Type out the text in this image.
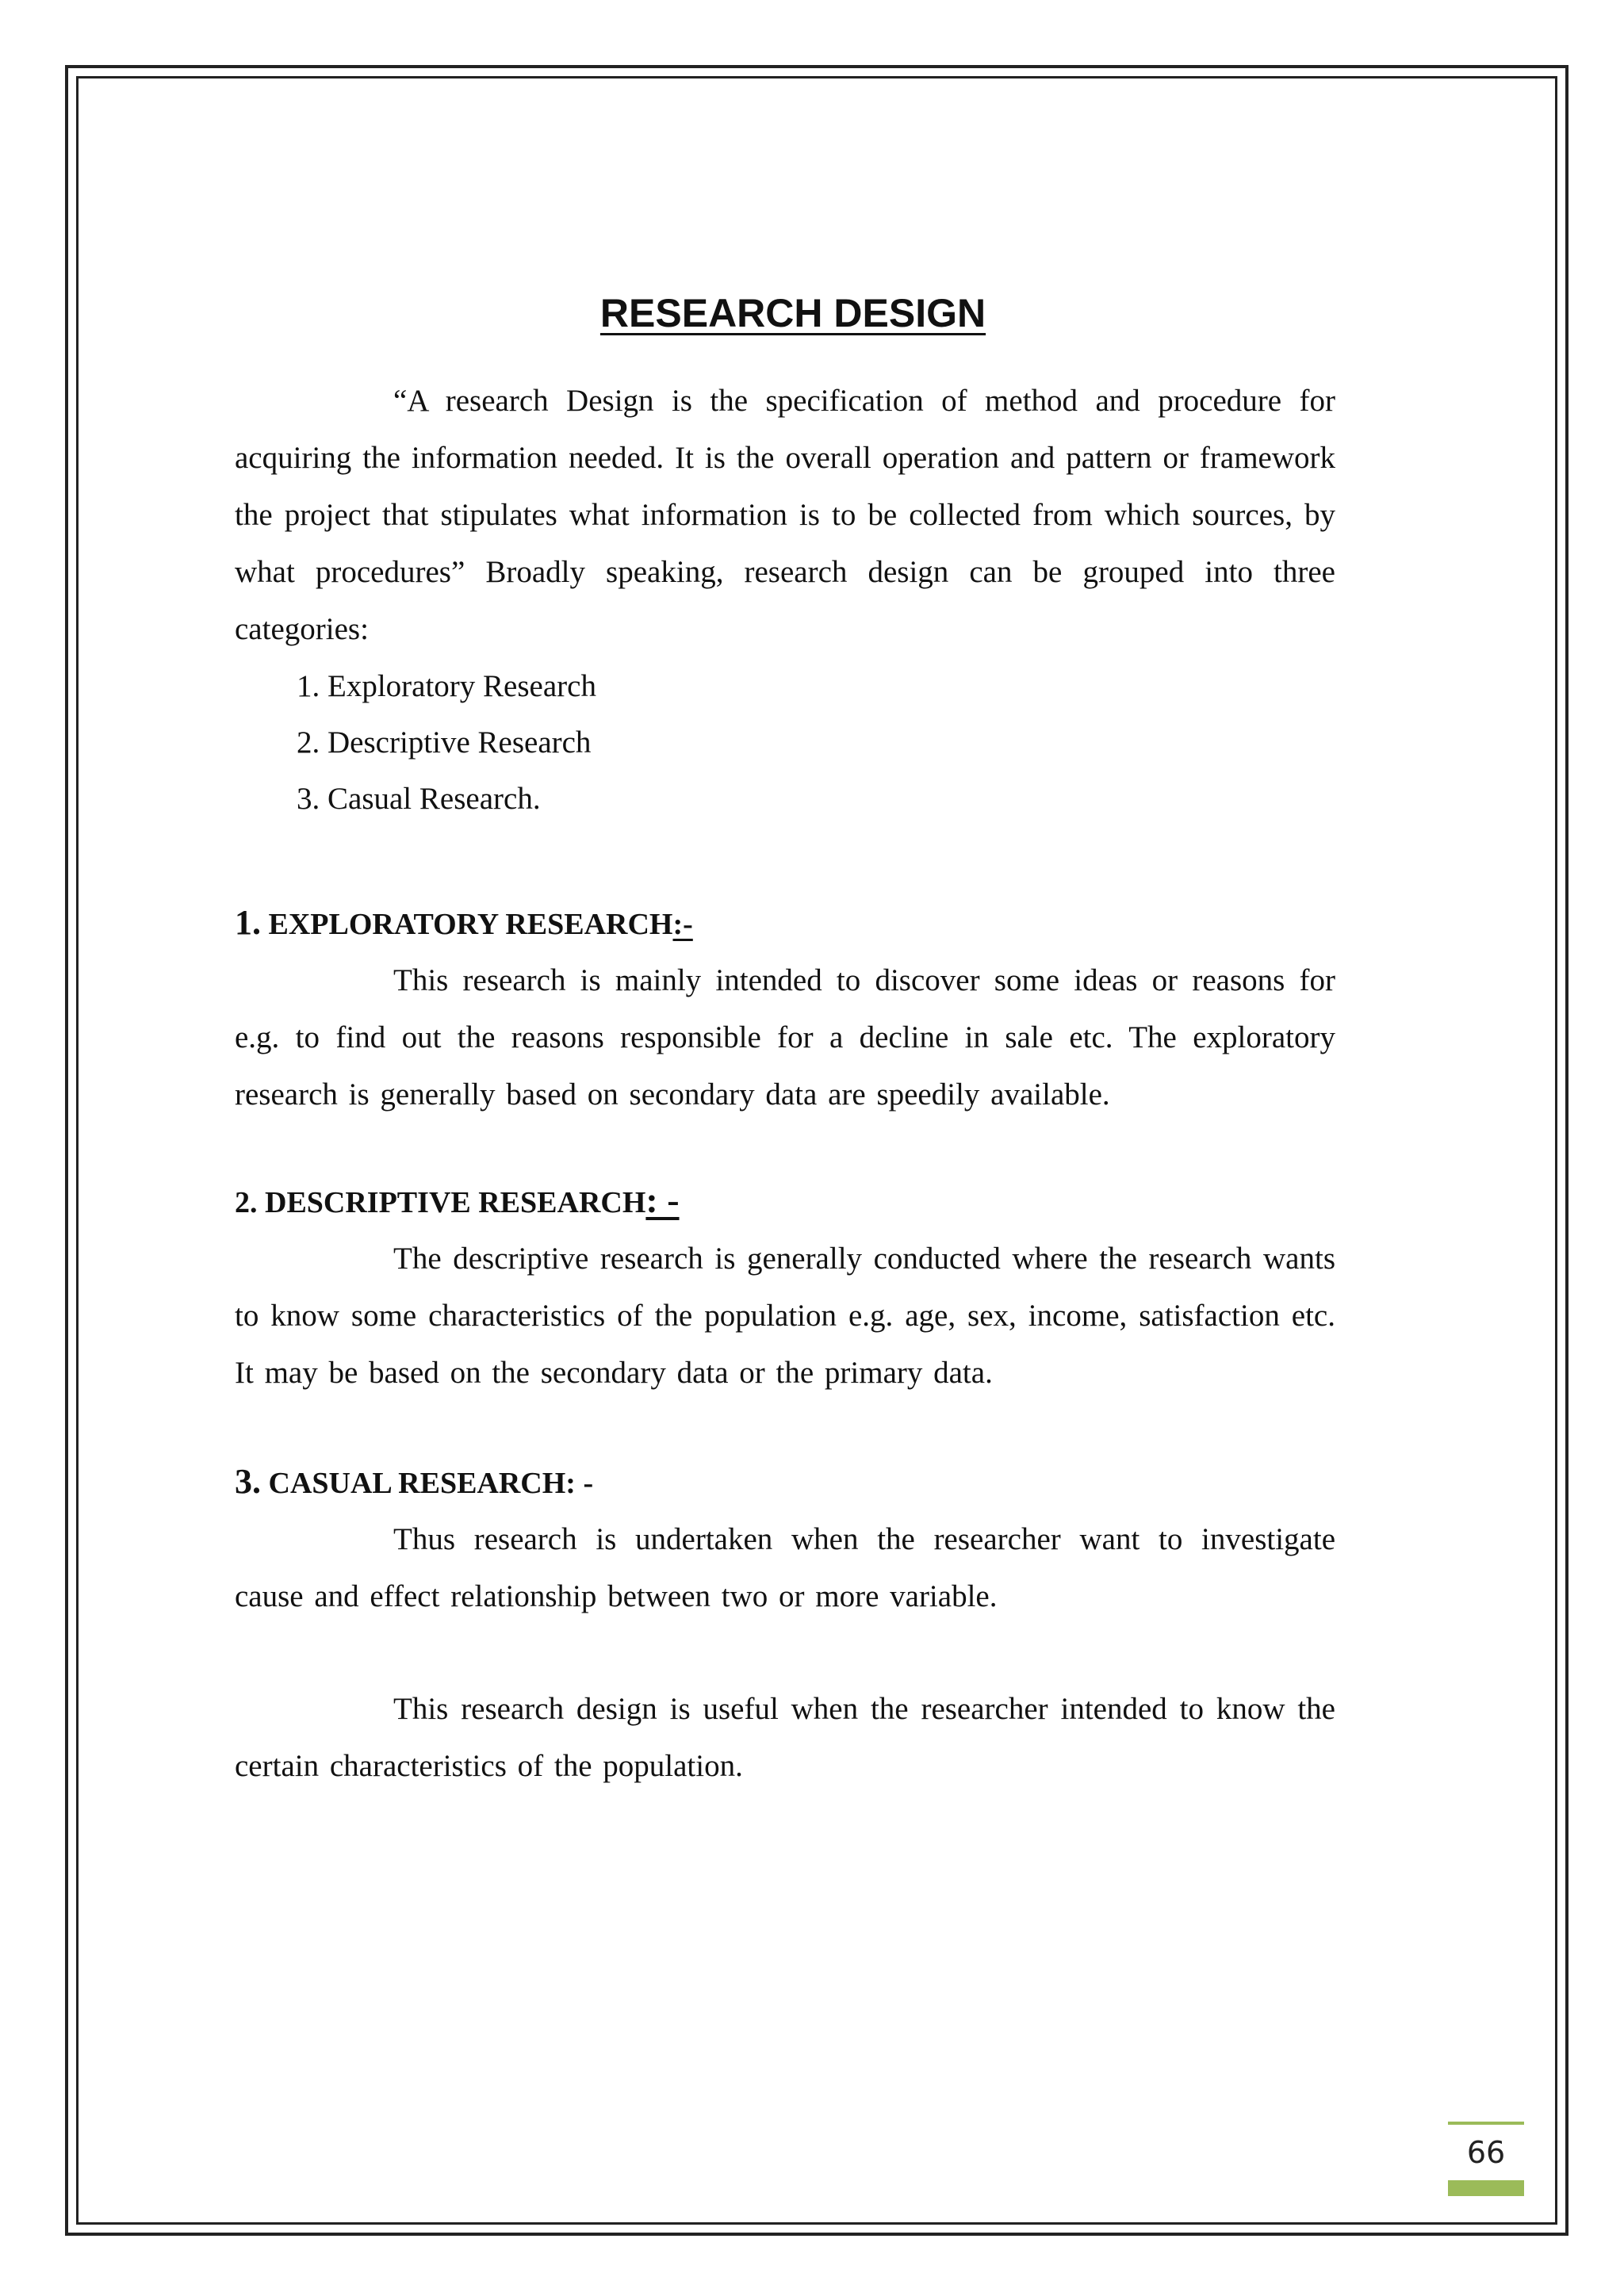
RESEARCH DESIGN

“A research Design is the specification of method and procedure for acquiring the information needed. It is the overall operation and pattern or framework the project that stipulates what information is to be collected from which sources, by what procedures” Broadly speaking, research design can be grouped into three categories:

1. Exploratory Research
2. Descriptive Research
3. Casual Research.
1. EXPLORATORY RESEARCH:-

This research is mainly intended to discover some ideas or reasons for e.g. to find out the reasons responsible for a decline in sale etc. The exploratory research is generally based on secondary data are speedily available.

2. DESCRIPTIVE RESEARCH: -

The descriptive research is generally conducted where the research wants to know some characteristics of the population e.g. age, sex, income, satisfaction etc. It may be based on the secondary data or the primary data.

3. CASUAL RESEARCH: -

Thus research is undertaken when the researcher want to investigate cause and effect relationship between two or more variable.

This research design is useful when the researcher intended to know the certain characteristics of the population.

66
